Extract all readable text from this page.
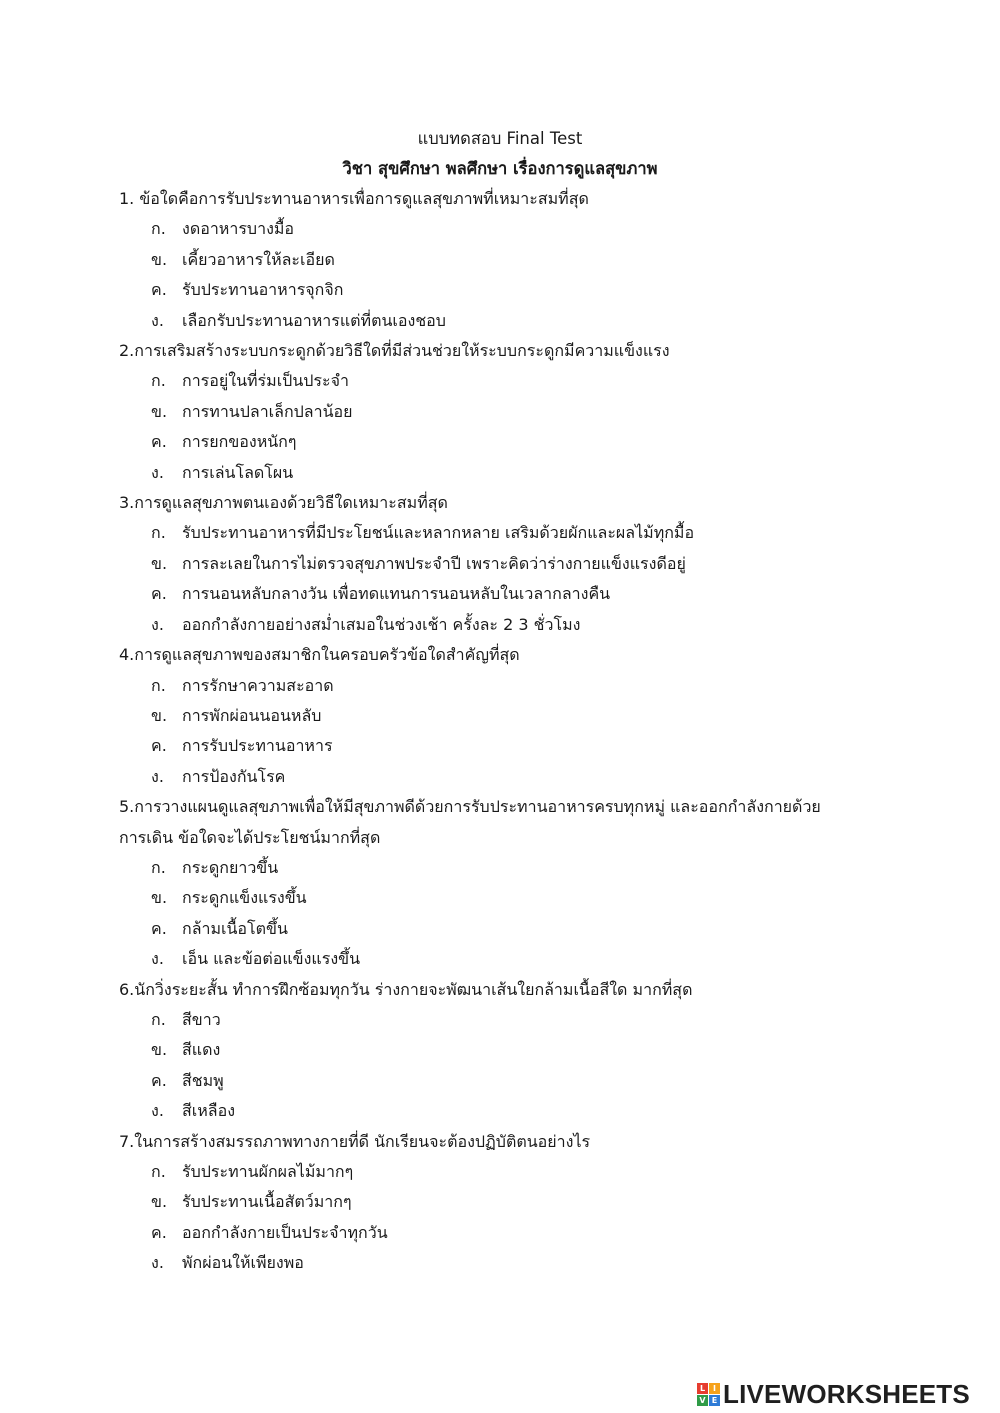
แบบทดสอบ Final Test
วิชา สุขศึกษา พลศึกษา เรื่องการดูแลสุขภาพ
1. ข้อใดคือการรับประทานอาหารเพื่อการดูแลสุขภาพที่เหมาะสมที่สุด
ก.	งดอาหารบางมื้อ
ข. เคี้ยวอาหารให้ละเอียด
ค. รับประทานอาหารจุกจิก
ง.	เลือกรับประทานอาหารแต่ที่ตนเองชอบ
2.การเสริมสร้างระบบกระดูกด้วยวิธีใดที่มีส่วนช่วยให้ระบบกระดูกมีความแข็งแรง
ก.	การอยู่ในที่ร่มเป็นประจำ
ข. การทานปลาเล็กปลาน้อย
ค. การยกของหนักๆ
ง.	การเล่นโลดโผน
3.การดูแลสุขภาพตนเองด้วยวิธีใดเหมาะสมที่สุด
ก.	รับประทานอาหารที่มีประโยชน์และหลากหลาย เสริมด้วยผักและผลไม้ทุกมื้อ
ข. การละเลยในการไม่ตรวจสุขภาพประจำปี เพราะคิดว่าร่างกายแข็งแรงดีอยู่
ค. การนอนหลับกลางวัน เพื่อทดแทนการนอนหลับในเวลากลางคืน
ง.	ออกกำลังกายอย่างสม่ำเสมอในช่วงเช้า ครั้งละ 2 3 ชั่วโมง
4.การดูแลสุขภาพของสมาชิกในครอบครัวข้อใดสำคัญที่สุด
ก.	การรักษาความสะอาด
ข. การพักผ่อนนอนหลับ
ค. การรับประทานอาหาร
ง.	การป้องกันโรค
5.การวางแผนดูแลสุขภาพเพื่อให้มีสุขภาพดีด้วยการรับประทานอาหารครบทุกหมู่ และออกกำลังกายด้วยการเดิน ข้อใดจะได้ประโยชน์มากที่สุด
ก.	กระดูกยาวขึ้น
ข. กระดูกแข็งแรงขึ้น
ค. กล้ามเนื้อโตขึ้น
ง.	เอ็น และข้อต่อแข็งแรงขึ้น
6.นักวิ่งระยะสั้น ทำการฝึกซ้อมทุกวัน ร่างกายจะพัฒนาเส้นใยกล้ามเนื้อสีใด มากที่สุด
ก.	สีขาว
ข. สีแดง
ค. สีชมพู
ง.	สีเหลือง
7.ในการสร้างสมรรถภาพทางกายที่ดี นักเรียนจะต้องปฏิบัติตนอย่างไร
ก.	รับประทานผักผลไม้มากๆ
ข. รับประทานเนื้อสัตว์มากๆ
ค. ออกกำลังกายเป็นประจำทุกวัน
ง.	พักผ่อนให้เพียงพอ
L I
V E LIVEWORKSHEETS
